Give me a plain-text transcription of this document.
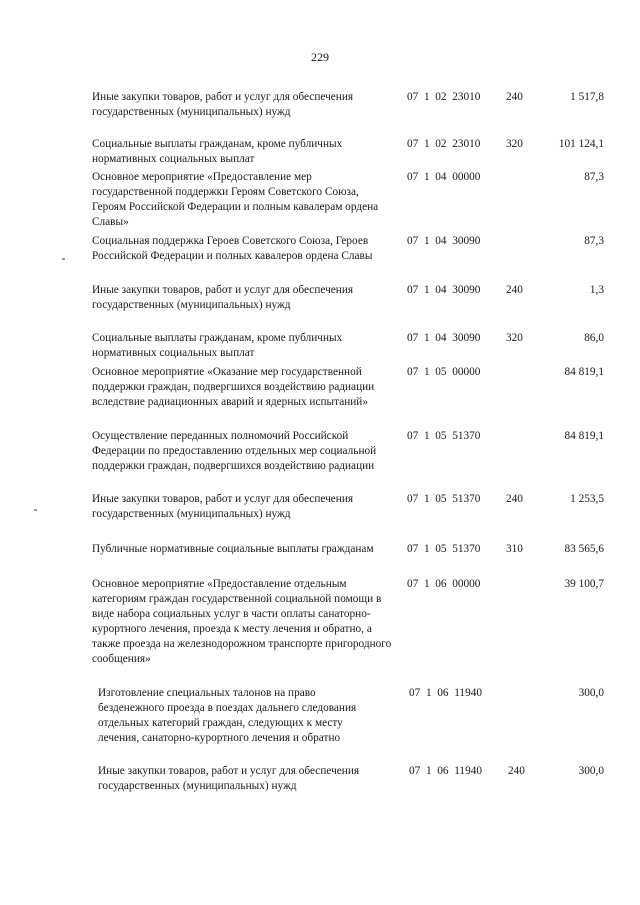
229
Иные закупки товаров, работ и услуг для обеспечения государственных (муниципальных) нужд
07  1  02  23010 240	1 517,8
Социальные выплаты гражданам, кроме публичных нормативных социальных выплат
07  1  02  23010 320	101 124,1
Основное мероприятие «Предоставление мер государственной поддержки Героям Советского Союза, Героям Российской Федерации и полным кавалерам ордена Славы»
07  1  04  00000	87,3
Социальная поддержка Героев Советского Союза, Героев Российской Федерации и полных кавалеров ордена Славы
07  1  04  30090	87,3
Иные закупки товаров, работ и услуг для обеспечения государственных (муниципальных) нужд
07  1  04  30090 240	1,3
Социальные выплаты гражданам, кроме публичных нормативных социальных выплат
07  1  04  30090 320	86,0
Основное мероприятие «Оказание мер государственной поддержки граждан, подвергшихся воздействию радиации вследствие радиационных аварий и ядерных испытаний»
07  1  05  00000	84 819,1
Осуществление переданных полномочий Российской Федерации по предоставлению отдельных мер социальной поддержки граждан, подвергшихся воздействию радиации
07  1  05  51370	84 819,1
Иные закупки товаров, работ и услуг для обеспечения государственных (муниципальных) нужд
07  1  05  51370 240	1 253,5
Публичные нормативные социальные выплаты гражданам	07  1  05  51370 310	83 565,6
Основное мероприятие «Предоставление отдельным категориям граждан государственной социальной помощи в виде набора социальных услуг в части оплаты санаторно-курортного лечения, проезда к месту лечения и обратно, а также проезда на железнодорожном транспорте пригородного сообщения»
07  1  06  00000	39 100,7
Изготовление специальных талонов на право безденежного проезда в поездах дальнего следования отдельных категорий граждан, следующих к месту лечения, санаторно-курортного лечения и обратно
07  1  06  11940	300,0
Иные закупки товаров, работ и услуг для обеспечения государственных (муниципальных) нужд
07  1  06  11940 240	300,0
